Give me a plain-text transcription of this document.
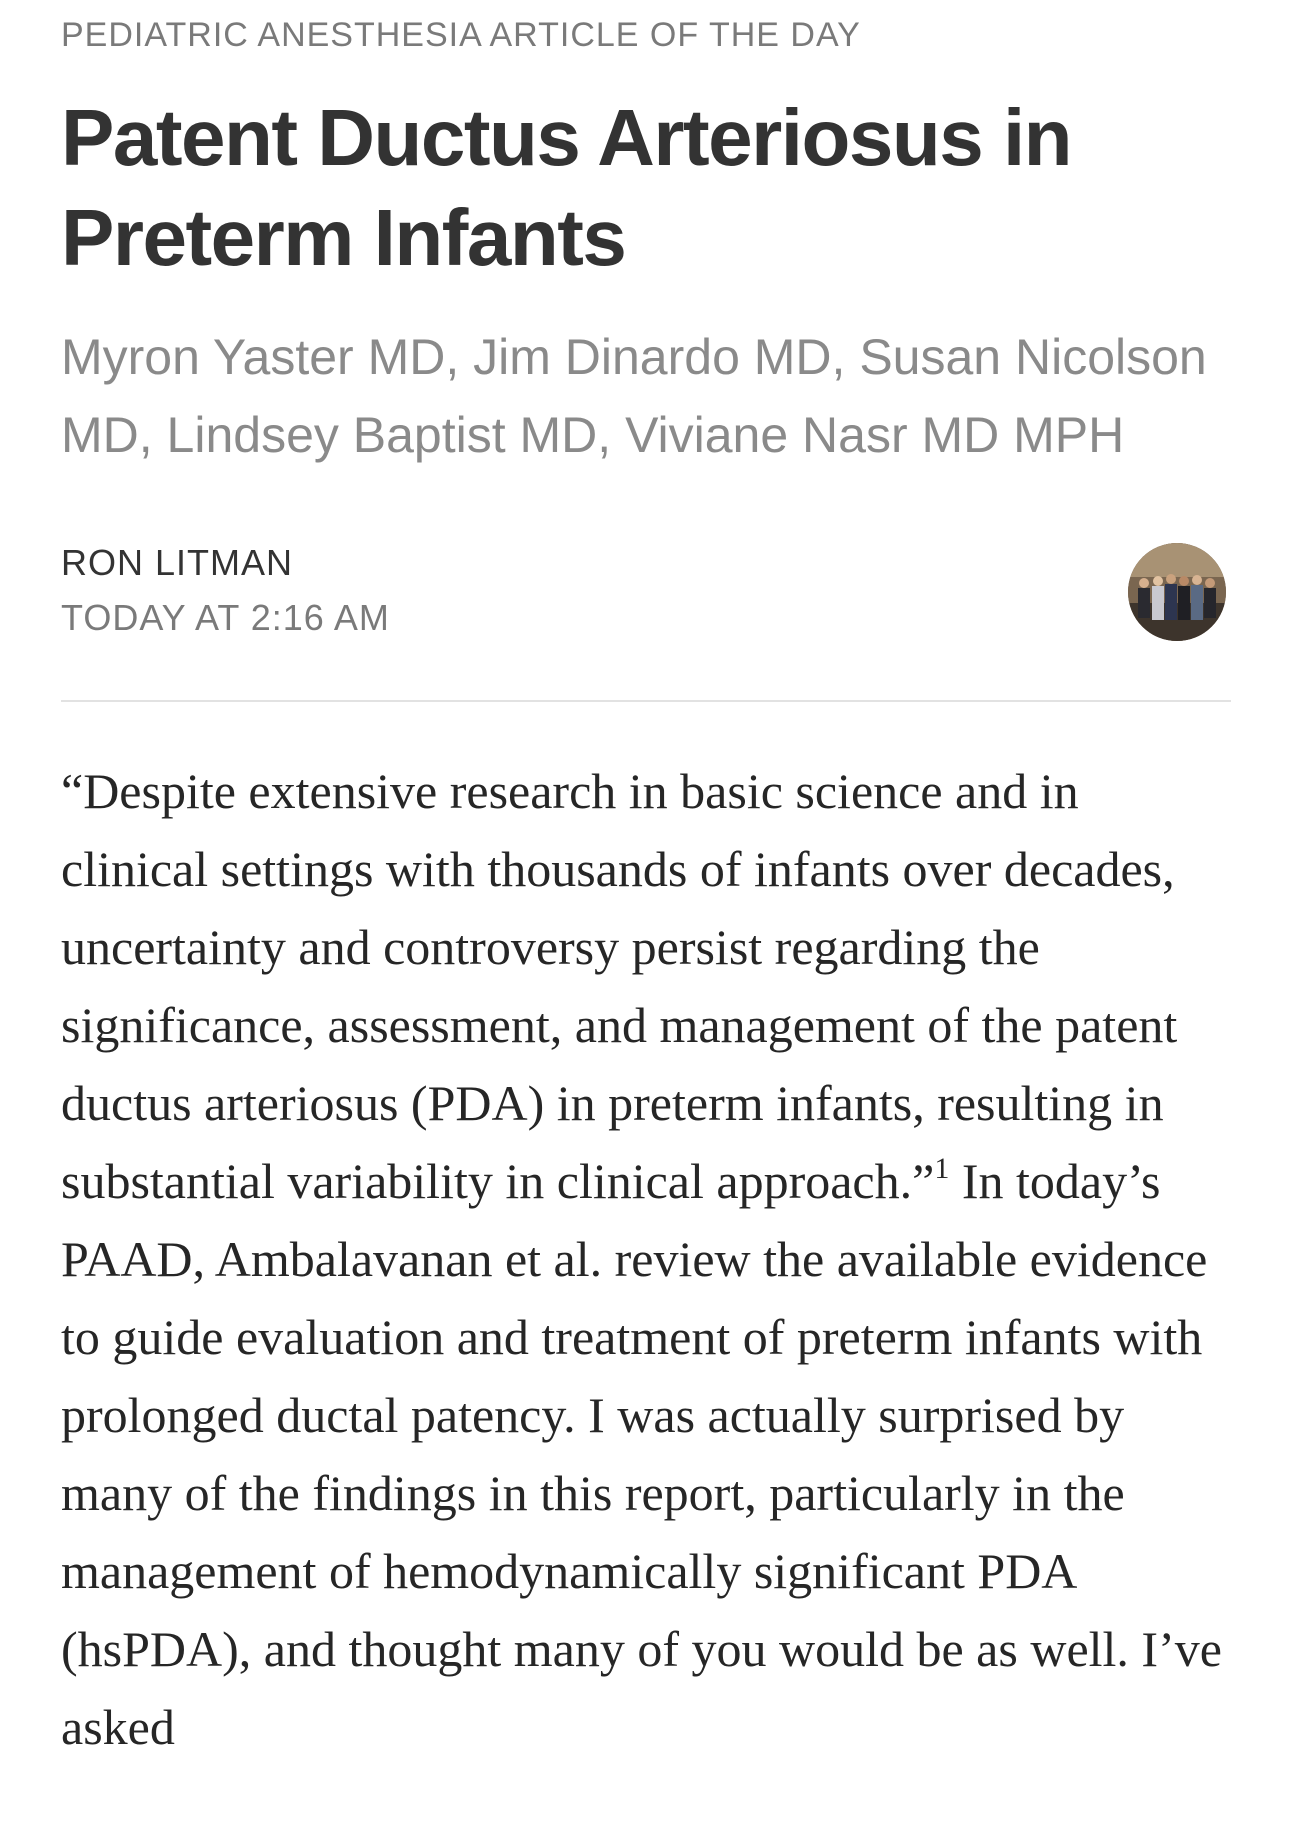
PEDIATRIC ANESTHESIA ARTICLE OF THE DAY
Patent Ductus Arteriosus in Preterm Infants
Myron Yaster MD, Jim Dinardo MD, Susan Nicolson MD, Lindsey Baptist MD, Viviane Nasr MD MPH
RON LITMAN
TODAY AT 2:16 AM

“Despite extensive research in basic science and in clinical settings with thousands of infants over decades, uncertainty and controversy persist regarding the significance, assessment, and management of the patent ductus arteriosus (PDA) in preterm infants, resulting in substantial variability in clinical approach.”$^1$ In today’s PAAD, Ambalavanan et al. review the available evidence to guide evaluation and treatment of preterm infants with prolonged ductal patency. I was actually surprised by many of the findings in this report, particularly in the management of hemodynamically significant PDA (hsPDA), and thought many of you would be as well. I’ve asked
